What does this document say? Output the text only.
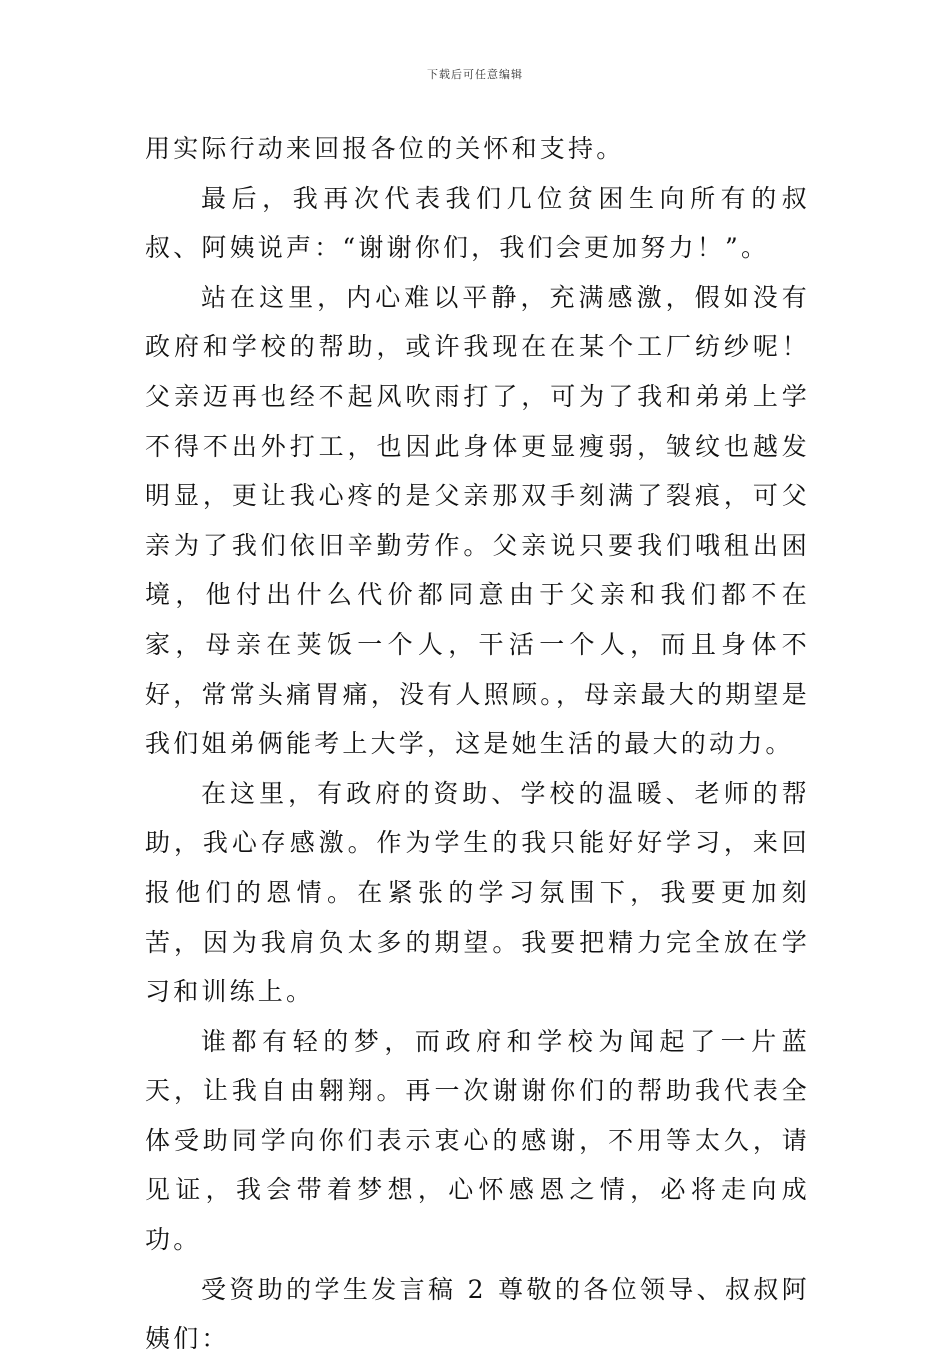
下载后可任意编辑

用实际行动来回报各位的关怀和支持。

最后，我再次代表我们几位贫困生向所有的叔叔、阿姨说声：“谢谢你们，我们会更加努力！”。

站在这里，内心难以平静，充满感激，假如没有政府和学校的帮助，或许我现在在某个工厂纺纱呢！父亲迈再也经不起风吹雨打了，可为了我和弟弟上学不得不出外打工，也因此身体更显瘦弱，皱纹也越发明显，更让我心疼的是父亲那双手刻满了裂痕，可父亲为了我们依旧辛勤劳作。父亲说只要我们哦租出困境，他付出什么代价都同意由于父亲和我们都不在家，母亲在荚饭一个人，干活一个人，而且身体不好，常常头痛胃痛，没有人照顾。，母亲最大的期望是我们姐弟俩能考上大学，这是她生活的最大的动力。

在这里，有政府的资助、学校的温暖、老师的帮助，我心存感激。作为学生的我只能好好学习，来回报他们的恩情。在紧张的学习氛围下，我要更加刻苦，因为我肩负太多的期望。我要把精力完全放在学习和训练上。

谁都有轻的梦，而政府和学校为闻起了一片蓝天，让我自由翱翔。再一次谢谢你们的帮助我代表全体受助同学向你们表示衷心的感谢，不用等太久，请见证，我会带着梦想，心怀感恩之情，必将走向成功。

受资助的学生发言稿 2 尊敬的各位领导、叔叔阿姨们：
